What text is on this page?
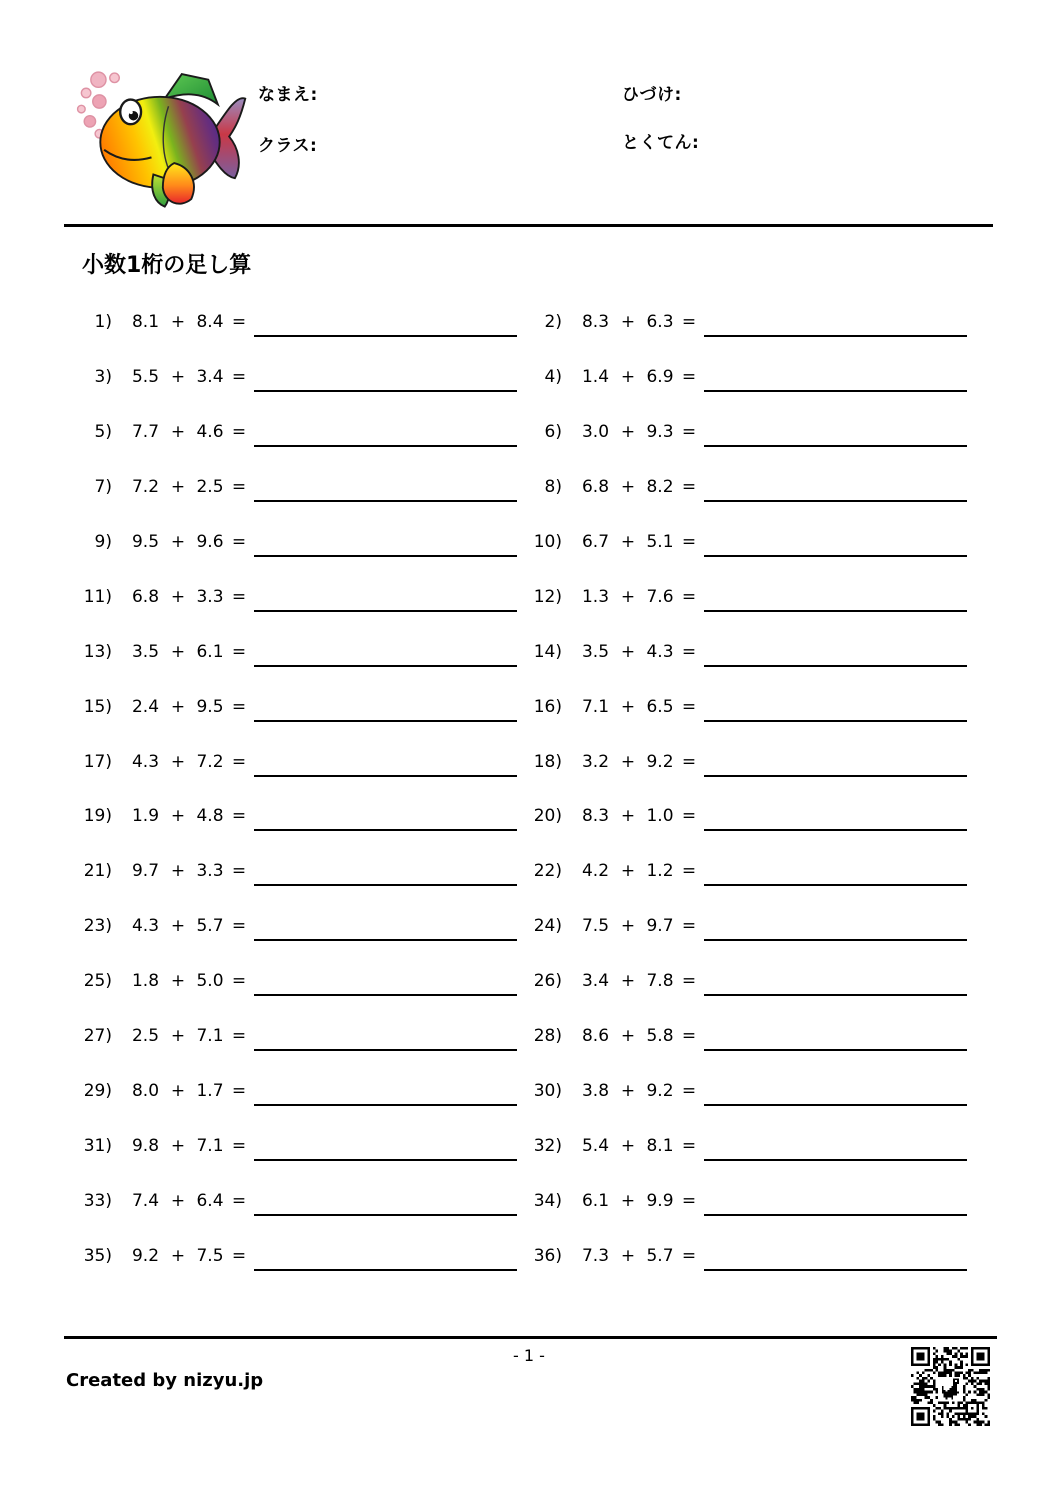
なまえ:
クラス:
ひづけ:
とくてん:
小数1桁の足し算
1) 8.1 + 8.4 =	2) 8.3 + 6.3 =
3) 5.5 + 3.4 =	4) 1.4 + 6.9 =
5) 7.7 + 4.6 =	6) 3.0 + 9.3 =
7) 7.2 + 2.5 =	8) 6.8 + 8.2 =
9) 9.5 + 9.6 =	10) 6.7 + 5.1 =
11) 6.8 + 3.3 =	12) 1.3 + 7.6 =
13) 3.5 + 6.1 =	14) 3.5 + 4.3 =
15) 2.4 + 9.5 =	16) 7.1 + 6.5 =
17) 4.3 + 7.2 =	18) 3.2 + 9.2 =
19) 1.9 + 4.8 =	20) 8.3 + 1.0 =
21) 9.7 + 3.3 =	22) 4.2 + 1.2 =
23) 4.3 + 5.7 =	24) 7.5 + 9.7 =
25) 1.8 + 5.0 =	26) 3.4 + 7.8 =
27) 2.5 + 7.1 =	28) 8.6 + 5.8 =
29) 8.0 + 1.7 =	30) 3.8 + 9.2 =
31) 9.8 + 7.1 =	32) 5.4 + 8.1 =
33) 7.4 + 6.4 =	34) 6.1 + 9.9 =
35) 9.2 + 7.5 =	36) 7.3 + 5.7 =
- 1 -
Created by nizyu.jp
